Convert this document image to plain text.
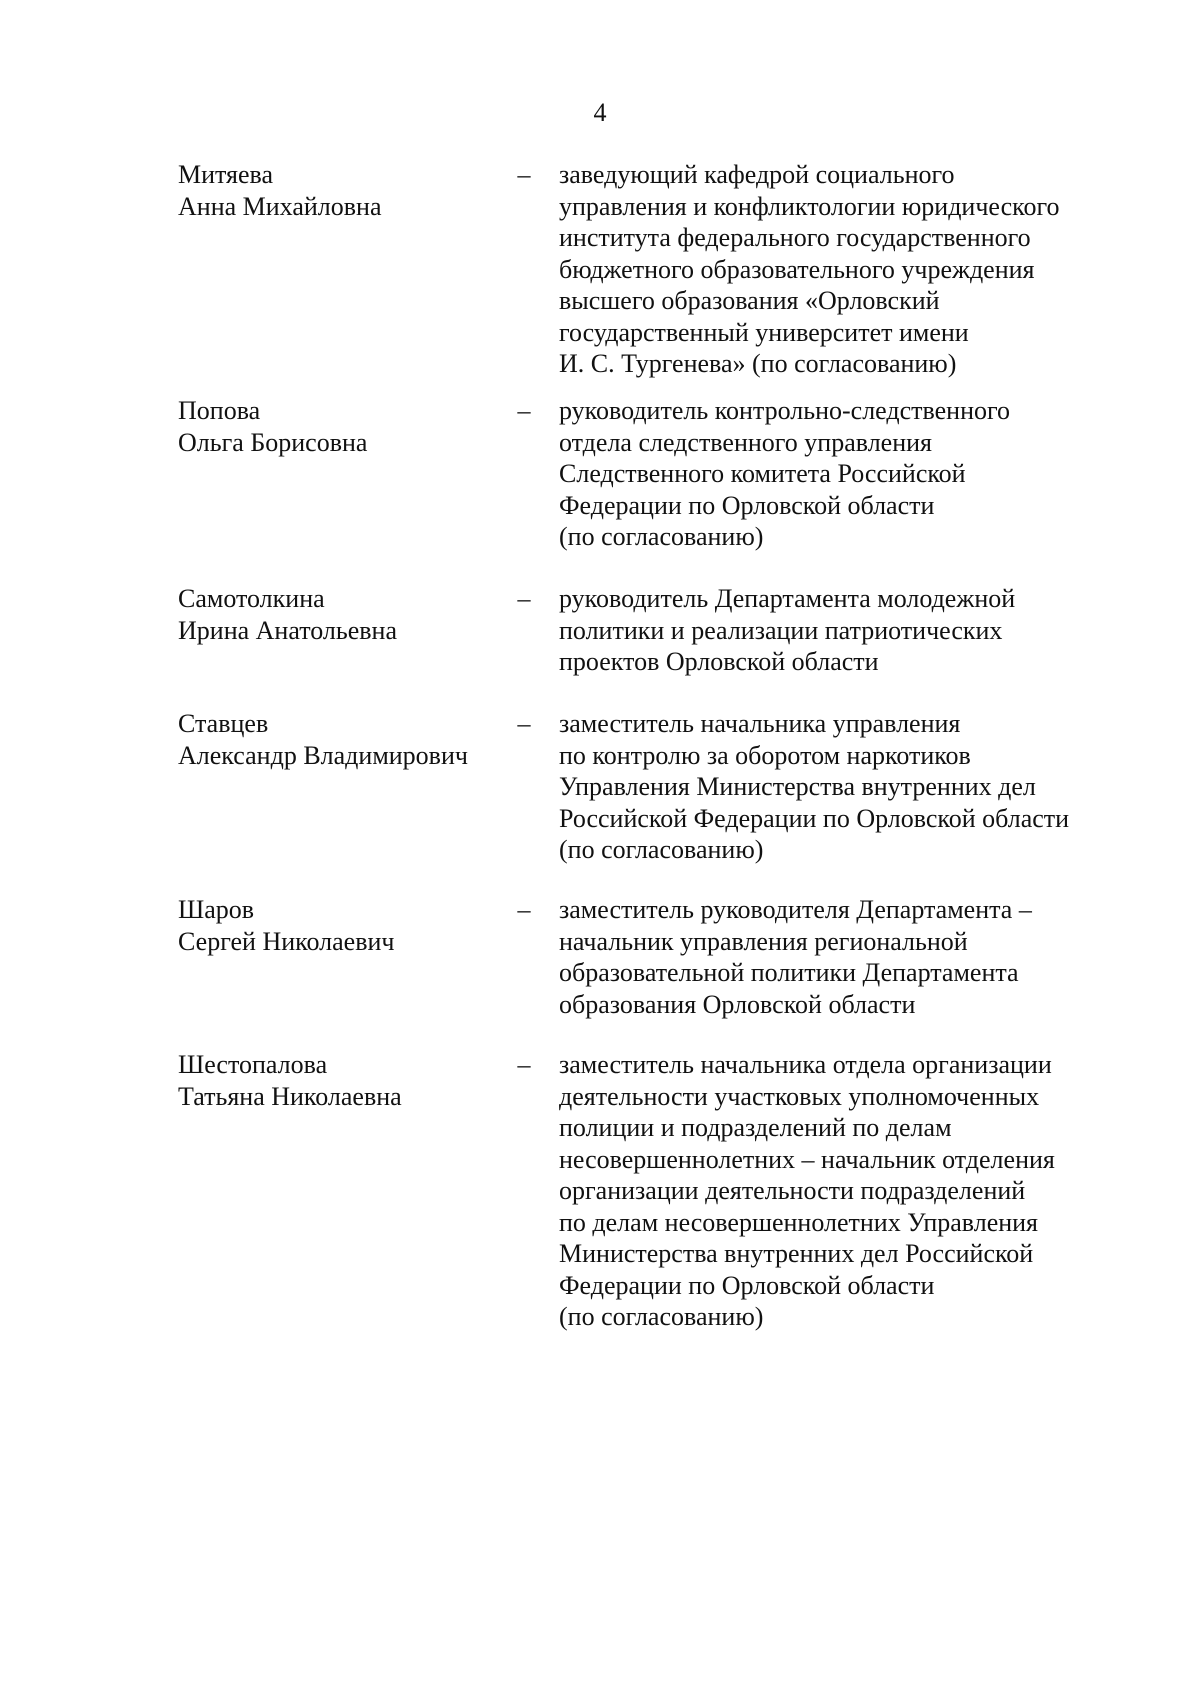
4
Митяева
Анна Михайловна
– заведующий кафедрой социального
управления и конфликтологии юридического
института федерального государственного
бюджетного образовательного учреждения
высшего образования «Орловский
государственный университет имени
И. С. Тургенева» (по согласованию)
Попова
Ольга Борисовна
– руководитель контрольно-следственного
отдела следственного управления
Следственного комитета Российской
Федерации по Орловской области
(по согласованию)
Самотолкина
Ирина Анатольевна
– руководитель Департамента молодежной
политики и реализации патриотических
проектов Орловской области
Ставцев
Александр Владимирович
– заместитель начальника управления
по контролю за оборотом наркотиков
Управления Министерства внутренних дел
Российской Федерации по Орловской области
(по согласованию)
Шаров
Сергей Николаевич
– заместитель руководителя Департамента –
начальник управления региональной
образовательной политики Департамента
образования Орловской области
Шестопалова
Татьяна Николаевна
– заместитель начальника отдела организации
деятельности участковых уполномоченных
полиции и подразделений по делам
несовершеннолетних – начальник отделения
организации деятельности подразделений
по делам несовершеннолетних Управления
Министерства внутренних дел Российской
Федерации по Орловской области
(по согласованию)
